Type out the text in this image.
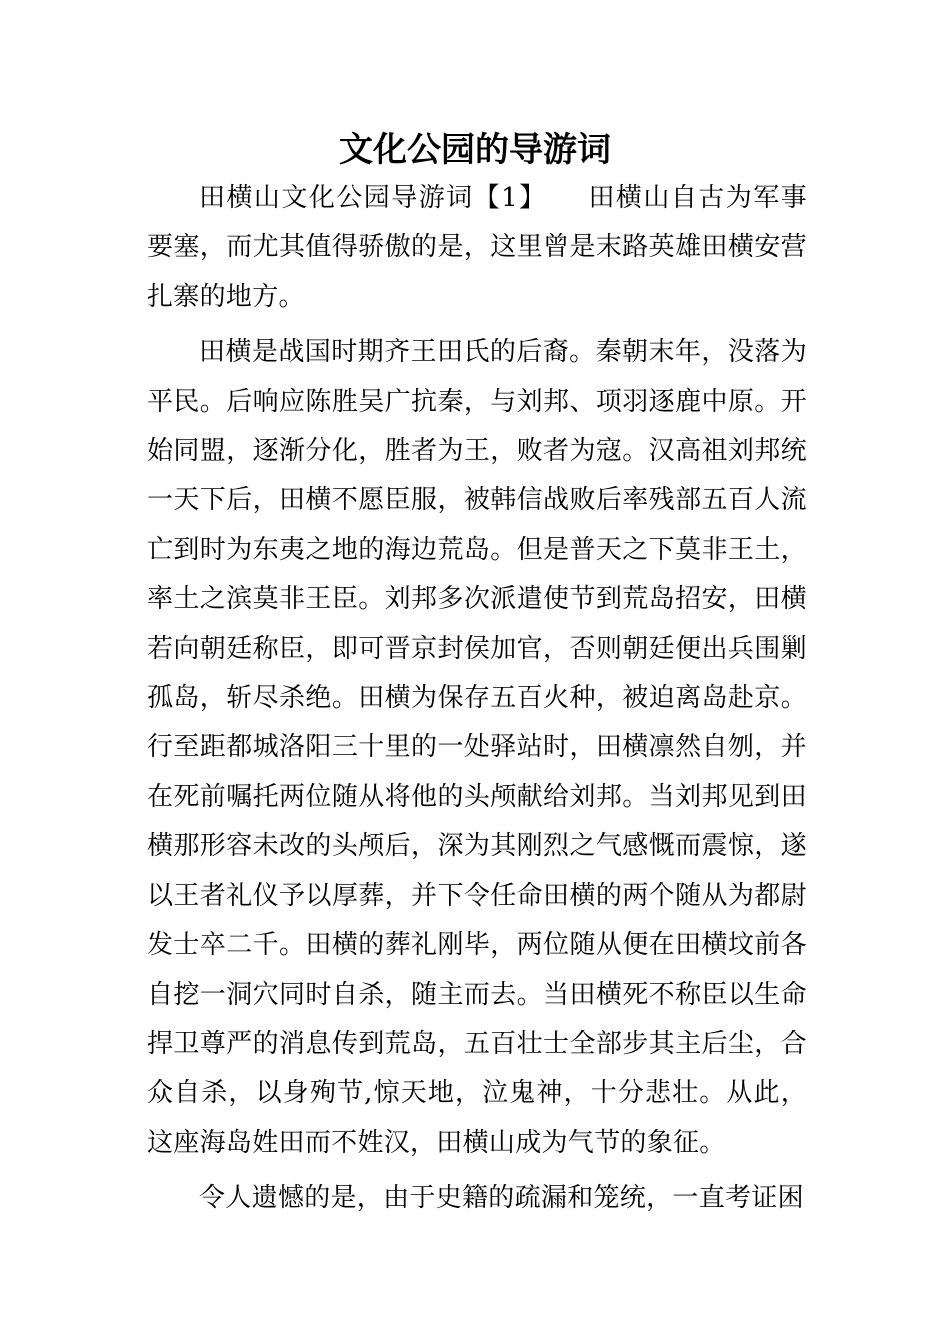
文化公园的导游词

田横山文化公园导游词【1】　　田横山自古为军事要塞，而尤其值得骄傲的是，这里曾是末路英雄田横安营扎寨的地方。

田横是战国时期齐王田氏的后裔。秦朝末年，没落为平民。后响应陈胜吴广抗秦，与刘邦、项羽逐鹿中原。开始同盟，逐渐分化，胜者为王，败者为寇。汉高祖刘邦统一天下后，田横不愿臣服，被韩信战败后率残部五百人流亡到时为东夷之地的海边荒岛。但是普天之下莫非王土，率土之滨莫非王臣。刘邦多次派遣使节到荒岛招安，田横若向朝廷称臣，即可晋京封侯加官，否则朝廷便出兵围剿孤岛，斩尽杀绝。田横为保存五百火种，被迫离岛赴京。行至距都城洛阳三十里的一处驿站时，田横凛然自刎，并在死前嘱托两位随从将他的头颅献给刘邦。当刘邦见到田横那形容未改的头颅后，深为其刚烈之气感慨而震惊，遂以王者礼仪予以厚葬，并下令任命田横的两个随从为都尉发士卒二千。田横的葬礼刚毕，两位随从便在田横坟前各自挖一洞穴同时自杀，随主而去。当田横死不称臣以生命捍卫尊严的消息传到荒岛，五百壮士全部步其主后尘，合众自杀，以身殉节,惊天地，泣鬼神，十分悲壮。从此，这座海岛姓田而不姓汉，田横山成为气节的象征。

令人遗憾的是，由于史籍的疏漏和笼统，一直考证困
